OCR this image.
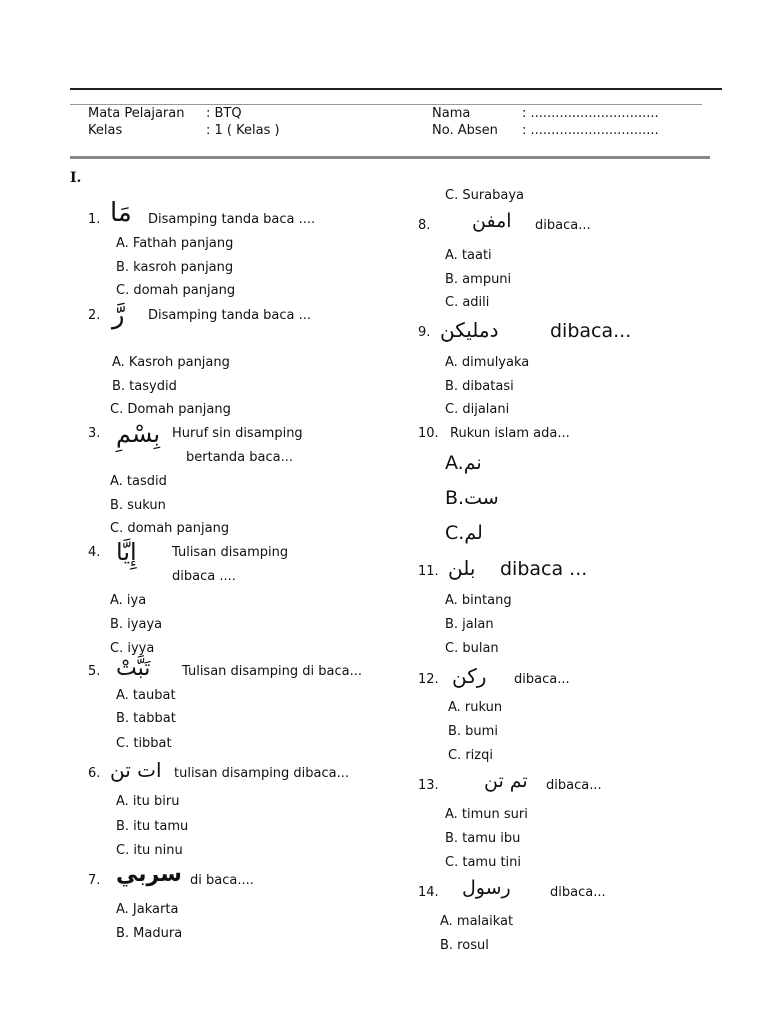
Mata Pelajaran : BTQ
Kelas	: 1 ( Kelas )
Nama	: ...............................
No. Absen : ...............................
I.
1. مَا Disamping tanda baca ....
A. Fathah panjang
B. kasroh panjang
C. domah panjang
2. رَّ Disamping tanda baca ...
A. Kasroh panjang
B. tasydid
C. Domah panjang
3. بِسْمِ Huruf sin disamping
bertanda baca...
A. tasdid
B. sukun
C. domah panjang
4. إِيَّا	Tulisan disamping
dibaca ....
A. iya
B. iyaya
C. iyya
5. تَبَّتْ Tulisan disamping di baca...
A. taubat
B. tabbat
C. tibbat
6. ات تن tulisan disamping dibaca...
A. itu biru
B. itu tamu
C. itu ninu
7. سربي di baca....
A. Jakarta
B. Madura
C. Surabaya
8. امفن dibaca...
A. taati
B. ampuni
C. adili
9. دمليكن	dibaca...
A. dimulyaka
B. dibatasi
C. dijalani
10. Rukun islam ada...
A.نم
B.ست
C.لم
11. بلن dibaca ...
A. bintang
B. jalan
C. bulan
12. ركن dibaca...
A. rukun
B. bumi
C. rizqi
13. تم تن dibaca...
A. timun suri
B. tamu ibu
C. tamu tini
14. رسول	dibaca...
A. malaikat
B. rosul
